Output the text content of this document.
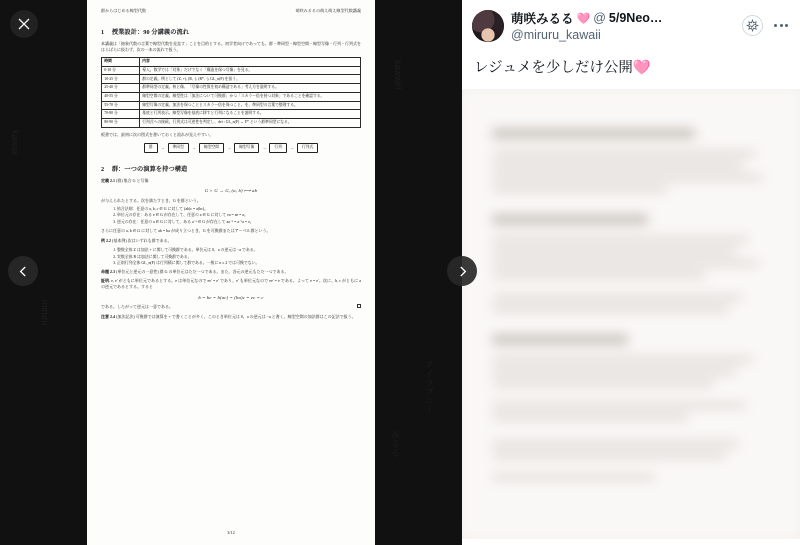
kawaii
miruru
kawaii!!
アイラブユー
みるる
群からはじめる線型代数	萌咲みるるの萌え萌え線型代数講義
1 授業設計：90 分講義の流れ
本講義は「抽象代数の言葉で線型代数を見直す」ことを目的とする。初学者向けであっても、群・準同型・線型空間・線型写像・行列・行列式をはらばらに扱わず、次の一本の流れで扱う。
時間	内容
0-10 分	導入。数学では「対象」だけでなく「構造を保つ写像」を見る。
10-25 分	群の定義。例として (Z, +), (R, ·), (R*, ·), GL_n(F) を扱う。
25-40 分	群準同型の定義。核と像、「写像の性質を初め構造である」考え方を説明する。
40-55 分	線型空間の定義。線型性は「加法について可換群」かつ「スカラー倍を持つ対象」であることを確認する。
55-70 分	線型写像の定義。加法を保つこととスカラー倍を保つこと。を、準同型の言葉で整理する。
70-80 分	基底と行列表示。線型写像を基底に移すと行列になることを説明する。
80-90 分	行列式への接続。行列式は可逆性を判定し、det : GL_n(F) → F* という群準同型になる。
板書では、最初に次の図式を書いておくと流れが見えやすい。
群	→	準同型	→	線型空間	→	線型写像	→	行列	→	行列式
2 群：一つの演算を持つ構造
定義 2.1 (群) 集合 G と写像
G × G → G, (a, b) ⟼ ab
が与えられたとする。次を満たすとき、G を群という。
1. 結合法則：任意の a, b, c ∈ G に対して (ab)c = a(bc)。
2. 単位元の存在：ある e ∈ G が存在して、任意の a ∈ G に対して ea = ae = a。
3. 逆元の存在：任意の a ∈ G に対して、ある a⁻¹ ∈ G が存在して aa⁻¹ = a⁻¹a = e。
さらに任意の a, b ∈ G に対して ab = ba が成り立つとき、G を可換群またはアーベル群という。
例 2.2 (基本例) 次はいずれも群である。
1. 整数全体 Z は加法 + に関して可換群である。単位元は 0、a の逆元は −a である。
2. 実数全体 R は加法に関して可換群である。
3. 正則行列全体 GL_n(F) は行列積に関して群である。一般に n ≥ 2 では可換でない。
命題 2.3 (単位元と逆元の一意性) 群 G の単位元はただ一つである。また、各元の逆元もただ一つである。
証明. e, e′ がともに単位元であるとする。e は単位元なので ee′ = e′ であり、e′ も単位元なので ee′ = e である。よって e = e′。次に、b, c がともに a の逆元であるとする。すると
b = be = b(ac) = (ba)c = ec = c
である。したがって逆元は一意である。
注意 2.4 (加法記法) 可換群では演算を + で書くことが多く、このとき単位元は 0、a の逆元は −a と書く。線型空間の加法群はこの記法で扱う。
3/12
萌咲みるる 🩷 @ 5/9Neo…
@miruru_kawaii
レジュメを少しだけ公開🩷
